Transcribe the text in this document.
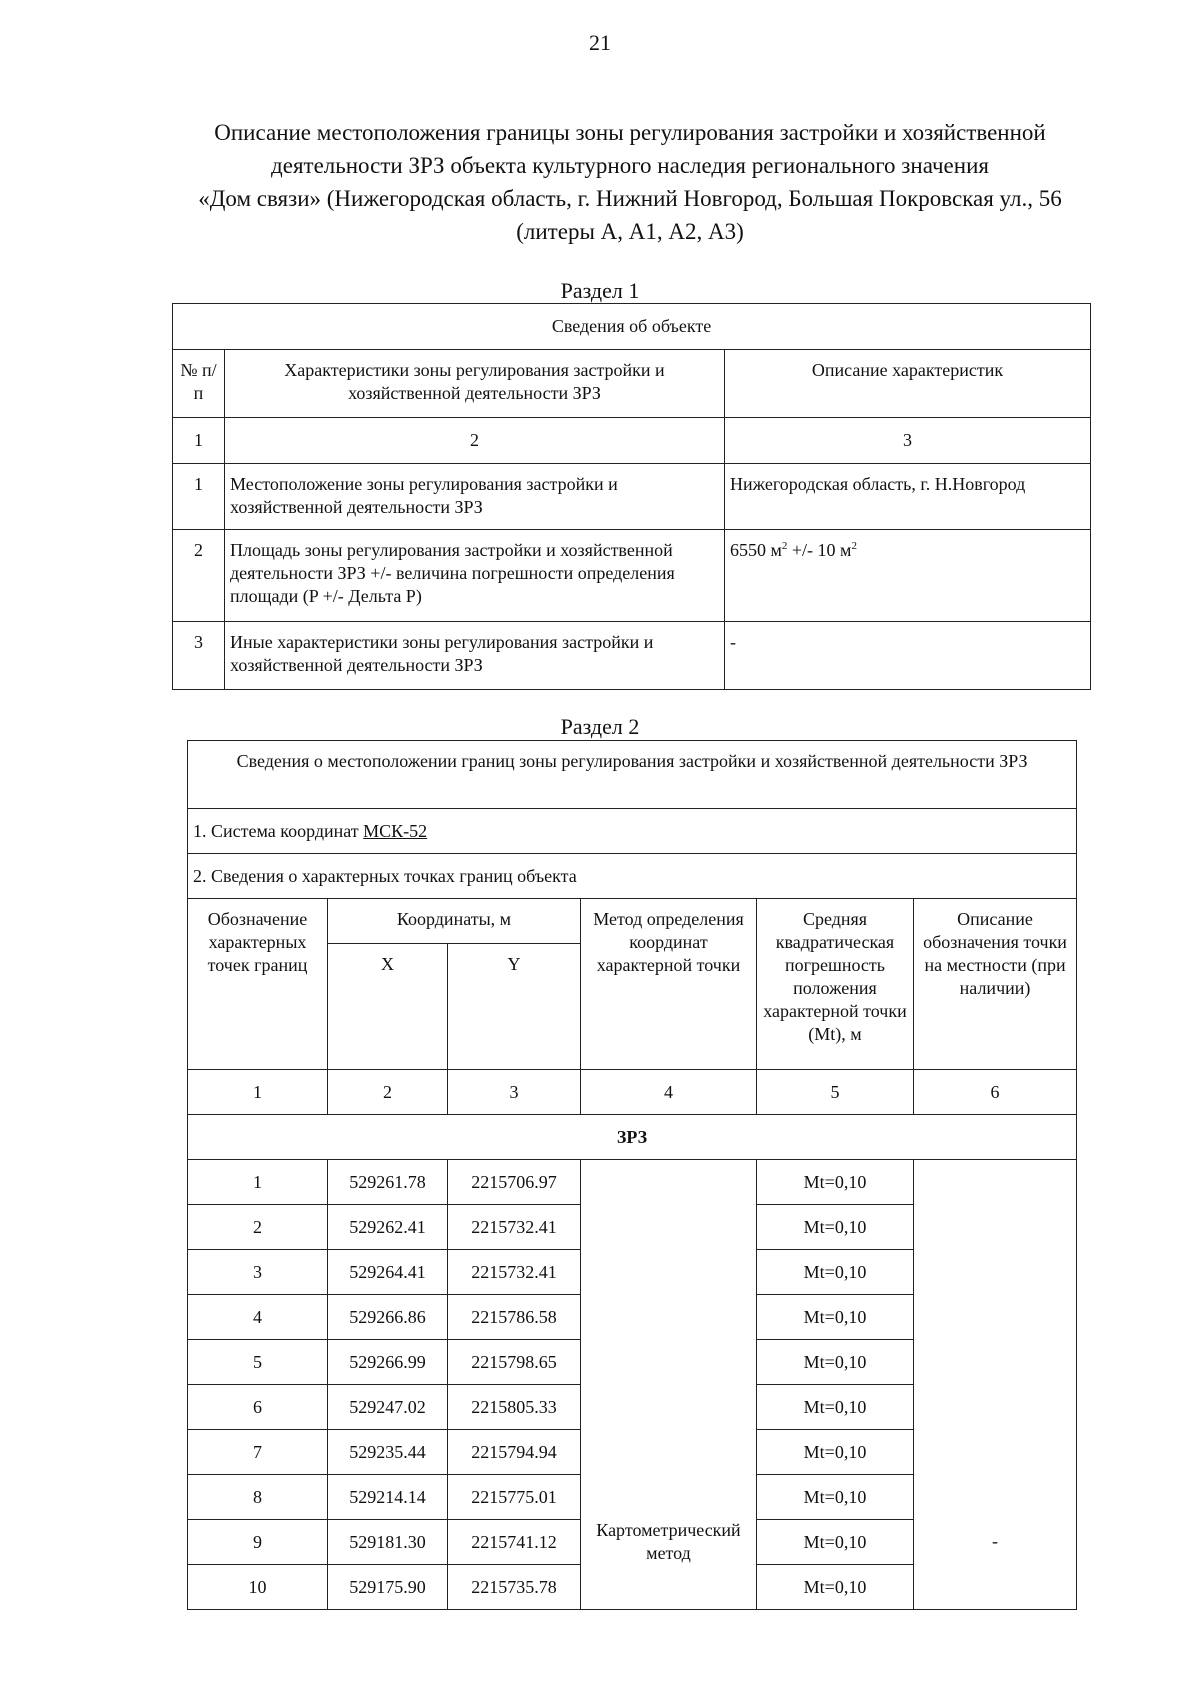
21
Описание местоположения границы зоны регулирования застройки и хозяйственной
деятельности ЗРЗ объекта культурного наследия регионального значения
«Дом связи» (Нижегородская область, г. Нижний Новгород, Большая Покровская ул., 56
(литеры А, А1, А2, А3)
Раздел 1
Сведения об объекте		
№ п/п	Характеристики зоны регулирования застройки и хозяйственной деятельности ЗРЗ	Описание характеристик
1	2	3
1	Местоположение зоны регулирования застройки и хозяйственной деятельности ЗРЗ	Нижегородская область, г. Н.Новгород
2	Площадь зоны регулирования застройки и хозяйственной деятельности ЗРЗ +/- величина погрешности определения площади (P +/- Дельта P)	6550 $м^2$ +/- 10 $м^2$
3	Иные характеристики зоны регулирования застройки и хозяйственной деятельности ЗРЗ	-
Раздел 2
Сведения о местоположении границ зоны регулирования застройки и хозяйственной деятельности ЗРЗ					
1. Система координат МСК-52					
2. Сведения о характерных точках границ объекта					
Обозначение характерных точек границ	Координаты, м		Метод определения координат характерной точки	Средняя квадратическая погрешность положения характерной точки (Mt), м	Описание обозначения точки на местности (при наличии)
	X	Y			
1	2	3	4	5	6
ЗРЗ					
1	529261.78	2215706.97	Картометрический метод	Mt=0,10	-
2	529262.41	2215732.41		Mt=0,10	
3	529264.41	2215732.41		Mt=0,10	
4	529266.86	2215786.58		Mt=0,10	
5	529266.99	2215798.65		Mt=0,10	
6	529247.02	2215805.33		Mt=0,10	
7	529235.44	2215794.94		Mt=0,10	
8	529214.14	2215775.01		Mt=0,10	
9	529181.30	2215741.12		Mt=0,10	
10	529175.90	2215735.78		Mt=0,10	
